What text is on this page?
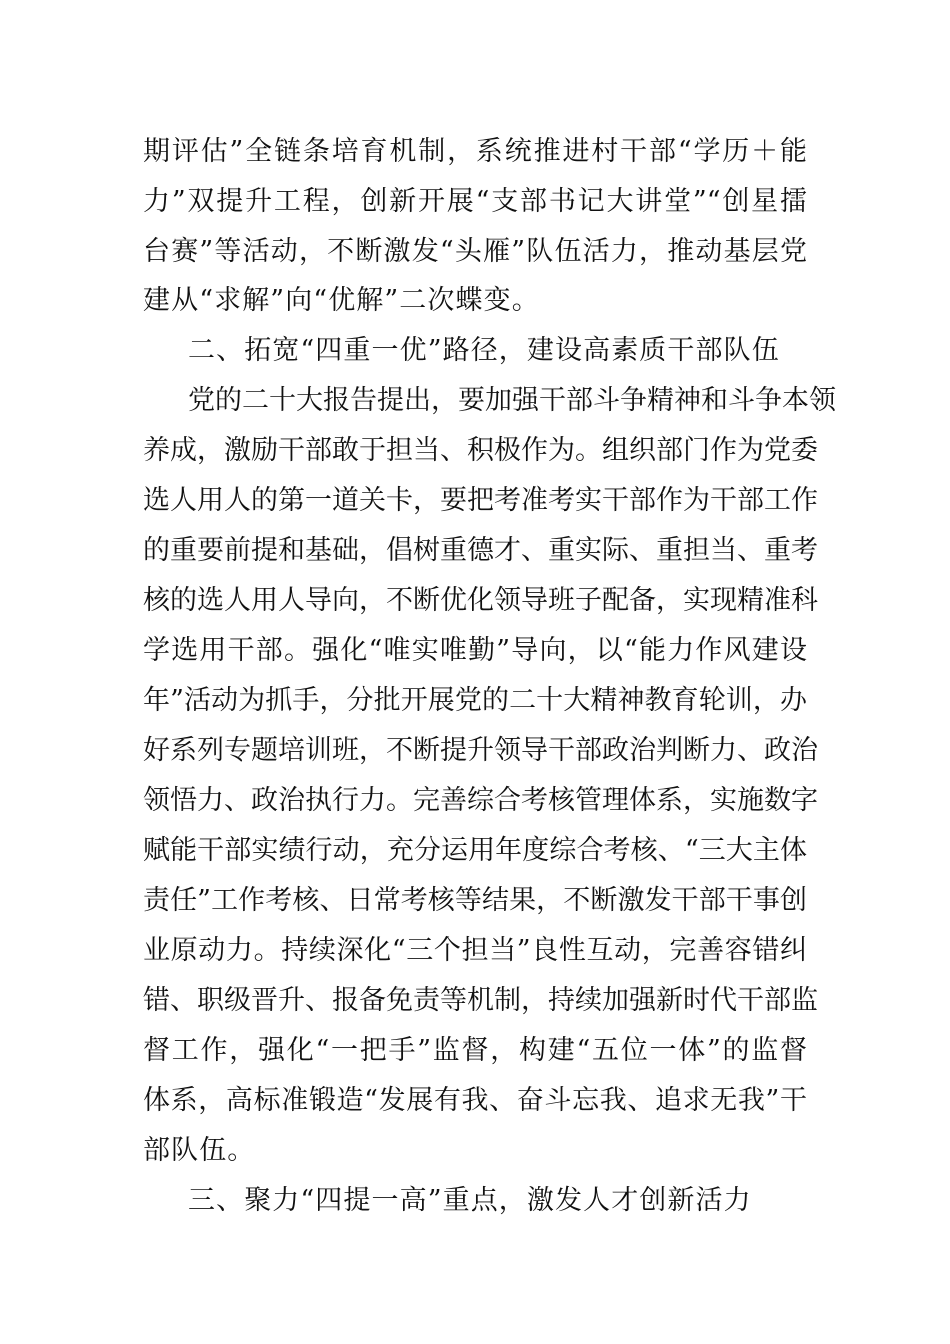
期评估”全链条培育机制，系统推进村干部“学历＋能
力”双提升工程，创新开展“支部书记大讲堂”“创星擂
台赛”等活动，不断激发“头雁”队伍活力，推动基层党
建从“求解”向“优解”二次蝶变。
二、拓宽“四重一优”路径，建设高素质干部队伍
党的二十大报告提出，要加强干部斗争精神和斗争本领
养成，激励干部敢于担当、积极作为。组织部门作为党委
选人用人的第一道关卡，要把考准考实干部作为干部工作
的重要前提和基础，倡树重德才、重实际、重担当、重考
核的选人用人导向，不断优化领导班子配备，实现精准科
学选用干部。强化“唯实唯勤”导向，以“能力作风建设
年”活动为抓手，分批开展党的二十大精神教育轮训，办
好系列专题培训班，不断提升领导干部政治判断力、政治
领悟力、政治执行力。完善综合考核管理体系，实施数字
赋能干部实绩行动，充分运用年度综合考核、“三大主体
责任”工作考核、日常考核等结果，不断激发干部干事创
业原动力。持续深化“三个担当”良性互动，完善容错纠
错、职级晋升、报备免责等机制，持续加强新时代干部监
督工作，强化“一把手”监督，构建“五位一体”的监督
体系，高标准锻造“发展有我、奋斗忘我、追求无我”干
部队伍。
三、聚力“四提一高”重点，激发人才创新活力
